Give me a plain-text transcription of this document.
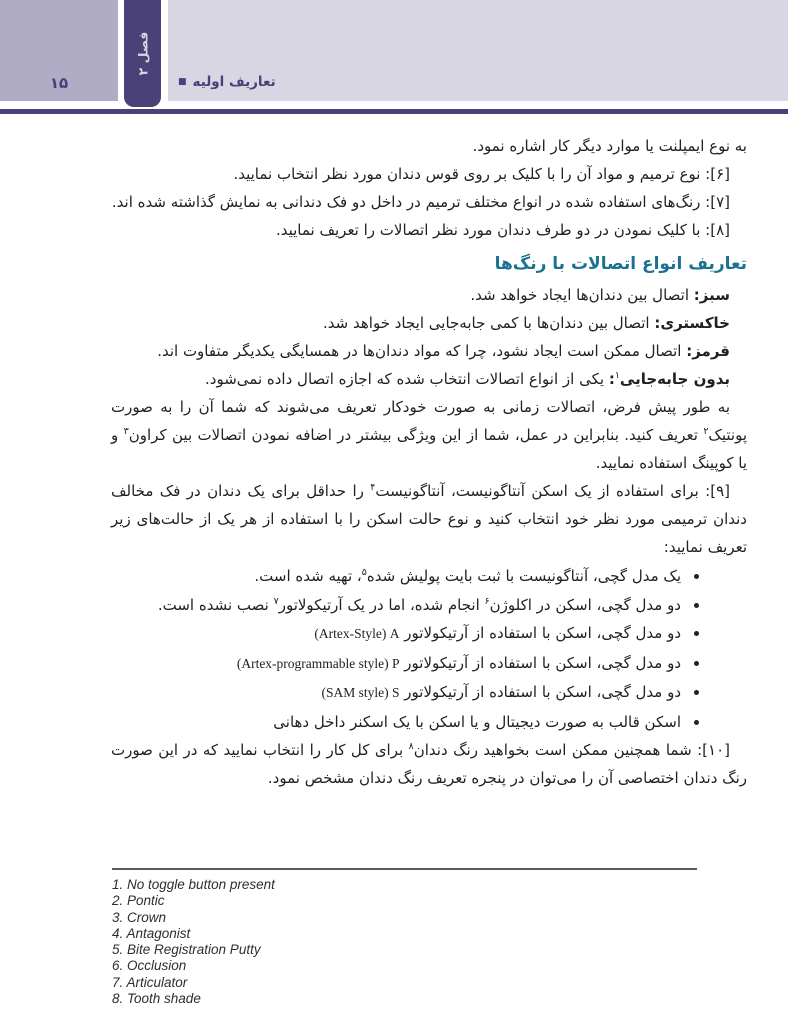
۱۵
فصل ۲
■ تعاریف اولیه

به نوع ایمپلنت یا موارد دیگر کار اشاره نمود.

[۶]: نوع ترمیم و مواد آن را با کلیک بر روی قوس دندان مورد نظر انتخاب نمایید.

[۷]: رنگ‌های استفاده شده در انواع مختلف ترمیم در داخل دو فک دندانی به نمایش گذاشته شده اند.

[۸]: با کلیک نمودن در دو طرف دندان مورد نظر اتصالات را تعریف نمایید.

تعاریف انواع اتصالات با رنگ‌ها

سبز: اتصال بین دندان‌ها ایجاد خواهد شد.

خاکستری: اتصال بین دندان‌ها با کمی جابه‌جایی ایجاد خواهد شد.

قرمز: اتصال ممکن است ایجاد نشود، چرا که مواد دندان‌ها در همسایگی یکدیگر متفاوت اند.

بدون جابه‌جایی$^۱$: یکی از انواع اتصالات انتخاب شده که اجازه اتصال داده نمی‌شود.

به طور پیش فرض، اتصالات زمانی به صورت خودکار تعریف می‌شوند که شما آن را به صورت پونتیک$^۲$ تعریف کنید. بنابراین در عمل، شما از این ویژگی بیشتر در اضافه نمودن اتصالات بین کراون$^۳$ و یا کوپینگ استفاده نمایید.

[۹]: برای استفاده از یک اسکن آنتاگونیست، آنتاگونیست$^۴$ را حداقل برای یک دندان در فک مخالف دندان ترمیمی مورد نظر خود انتخاب کنید و نوع حالت اسکن را با استفاده از هر یک از حالت‌های زیر تعریف نمایید:

• یک مدل گچی، آنتاگونیست با ثبت بایت پولیش شده$^۵$، تهیه شده است.
• دو مدل گچی، اسکن در اکلوژن$^۶$ انجام شده، اما در یک آرتیکولاتور$^۷$ نصب نشده است.
• دو مدل گچی، اسکن با استفاده از آرتیکولاتور (Artex-Style) A
• دو مدل گچی، اسکن با استفاده از آرتیکولاتور (Artex-programmable style) P
• دو مدل گچی، اسکن با استفاده از آرتیکولاتور (SAM style) S
• اسکن قالب به صورت دیجیتال و یا اسکن با یک اسکنر داخل دهانی

[۱۰]: شما همچنین ممکن است بخواهید رنگ دندان$^۸$ برای کل کار را انتخاب نمایید که در این صورت رنگ دندان اختصاصی آن را می‌توان در پنجره تعریف رنگ دندان مشخص نمود.

1. No toggle button present
2. Pontic
3. Crown
4. Antagonist
5. Bite Registration Putty
6. Occlusion
7. Articulator
8. Tooth shade
